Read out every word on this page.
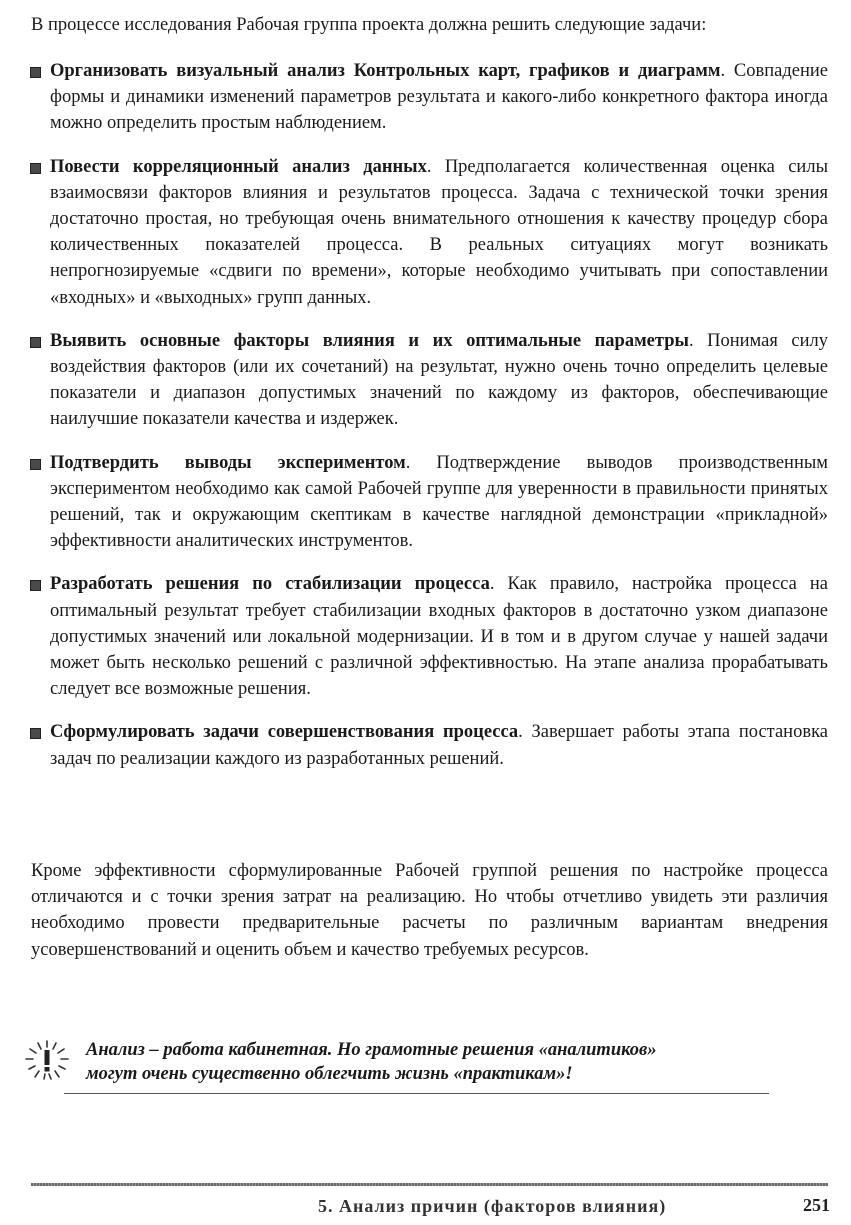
В процессе исследования Рабочая группа проекта должна решить следующие задачи:

Организовать визуальный анализ Контрольных карт, графиков и диаграмм. Совпадение формы и динамики изменений параметров результата и какого-либо конкретного фактора иногда можно определить простым наблюдением.
Повести корреляционный анализ данных. Предполагается количественная оценка силы взаимосвязи факторов влияния и результатов процесса. Задача с технической точки зрения достаточно простая, но требующая очень внимательного отношения к качеству процедур сбора количественных показателей процесса. В реальных ситуациях могут возникать непрогнозируемые «сдвиги по времени», которые необходимо учитывать при сопоставлении «входных» и «выходных» групп данных.
Выявить основные факторы влияния и их оптимальные параметры. Понимая силу воздействия факторов (или их сочетаний) на результат, нужно очень точно определить целевые показатели и диапазон допустимых значений по каждому из факторов, обеспечивающие наилучшие показатели качества и издержек.
Подтвердить выводы экспериментом. Подтверждение выводов производственным экспериментом необходимо как самой Рабочей группе для уверенности в правильности принятых решений, так и окружающим скептикам в качестве наглядной демонстрации «прикладной» эффективности аналитических инструментов.
Разработать решения по стабилизации процесса. Как правило, настройка процесса на оптимальный результат требует стабилизации входных факторов в достаточно узком диапазоне допустимых значений или локальной модернизации. И в том и в другом случае у нашей задачи может быть несколько решений с различной эффективностью. На этапе анализа прорабатывать следует все возможные решения.
Сформулировать задачи совершенствования процесса. Завершает работы этапа постановка задач по реализации каждого из разработанных решений.

Кроме эффективности сформулированные Рабочей группой решения по настройке процесса отличаются и с точки зрения затрат на реализацию. Но чтобы отчетливо увидеть эти различия необходимо провести предварительные расчеты по различным вариантам внедрения усовершенствований и оценить объем и качество требуемых ресурсов.

Анализ – работа кабинетная. Но грамотные решения «аналитиков»
могут очень существенно облегчить жизнь «практикам»!

5. Анализ причин (факторов влияния)	251
